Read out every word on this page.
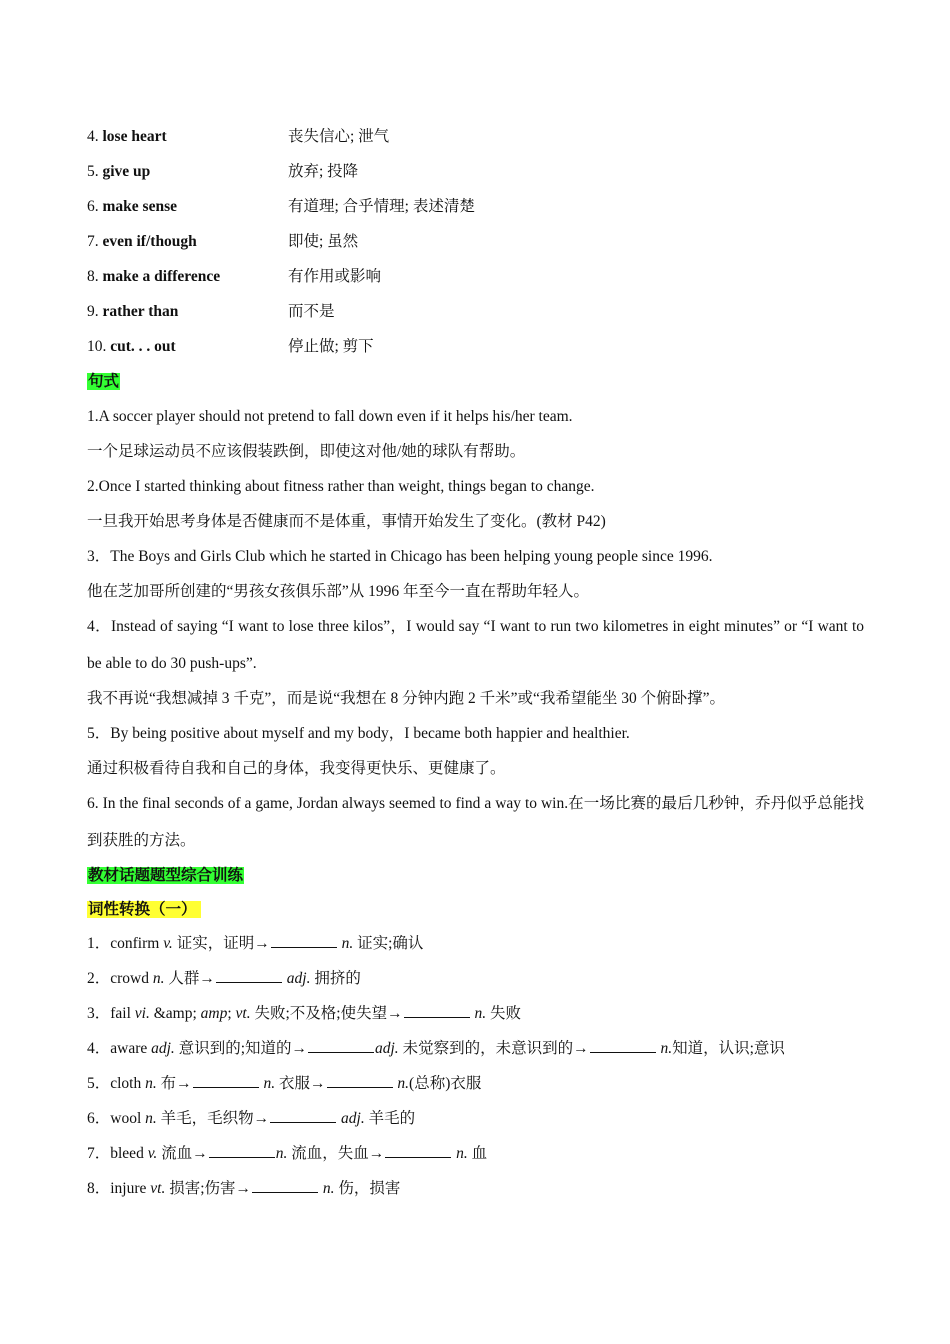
4. lose heart	丧失信心; 泄气
5. give up	放弃; 投降
6. make sense	有道理; 合乎情理; 表述清楚
7. even if/though	即使; 虽然
8. make a difference	有作用或影响
9. rather than	而不是
10. cut. . . out	停止做; 剪下
句式
1.A soccer player should not pretend to fall down even if it helps his/her team.
一个足球运动员不应该假装跌倒，即使这对他/她的球队有帮助。
2.Once I started thinking about fitness rather than weight, things began to change.
一旦我开始思考身体是否健康而不是体重，事情开始发生了变化。(教材 P42)
3．The Boys and Girls Club which he started in Chicago has been helping young people since 1996.
他在芝加哥所创建的“男孩女孩俱乐部”从 1996 年至今一直在帮助年轻人。
4．Instead of saying “I want to lose three kilos”，I would say “I want to run two kilometres in eight minutes” or “I want to be able to do 30 push-ups”.
我不再说“我想减掉 3 千克”，而是说“我想在 8 分钟内跑 2 千米”或“我希望能坐 30 个俯卧撑”。
5．By being positive about myself and my body，I became both happier and healthier.
通过积极看待自我和自己的身体，我变得更快乐、更健康了。
6. In the final seconds of a game, Jordan always seemed to find a way to win.在一场比赛的最后几秒钟，乔丹似乎总能找到获胜的方法。
教材话题题型综合训练
词性转换（一）
1．confirm v. 证实，证明→	n. 证实;确认
2．crowd n. 人群→	adj. 拥挤的
3．fail vi. &amp; amp; vt. 失败;不及格;使失望→	n. 失败
4．aware adj. 意识到的;知道的→	adj. 未觉察到的，未意识到的→	n.知道，认识;意识
5．cloth n. 布→	n. 衣服→	n.(总称)衣服
6．wool n. 羊毛，毛织物→	adj. 羊毛的
7．bleed v. 流血→	n. 流血，失血→	n. 血
8．injure vt. 损害;伤害→	n. 伤，损害
